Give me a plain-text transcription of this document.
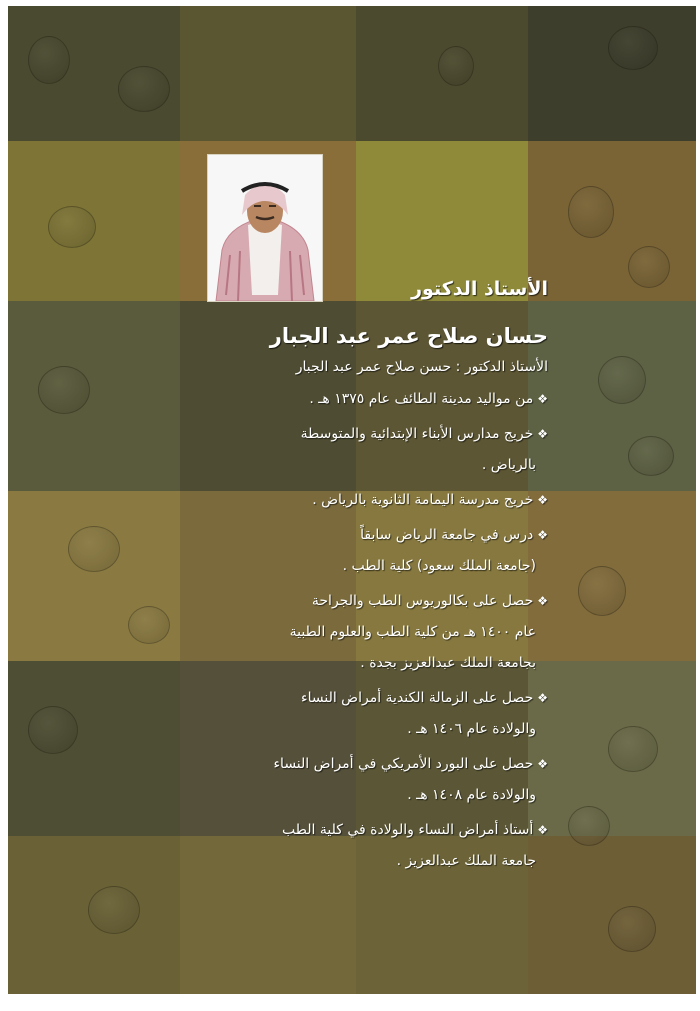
الأستاذ الدكتور
حسان صلاح عمر عبد الجبار
الأستاذ الدكتور : حسن صلاح عمر عبد الجبار
❖من مواليد مدينة الطائف عام ١٣٧٥ هـ .
❖خريج مدارس الأبناء الإبتدائية والمتوسطة
بالرياض .
❖خريج مدرسة اليمامة الثانوية بالرياض .
❖درس في جامعة الرياض سابقاً
(جامعة الملك سعود) كلية الطب .
❖حصل على بكالوريوس الطب والجراحة
عام ١٤٠٠ هـ من كلية الطب والعلوم الطبية
بجامعة الملك عبدالعزيز بجدة .
❖حصل على الزمالة الكندية أمراض النساء
والولادة عام ١٤٠٦ هـ .
❖حصل على البورد الأمريكي في أمراض النساء
والولادة عام ١٤٠٨ هـ .
❖أستاذ أمراض النساء والولادة في كلية الطب
جامعة الملك عبدالعزيز .
